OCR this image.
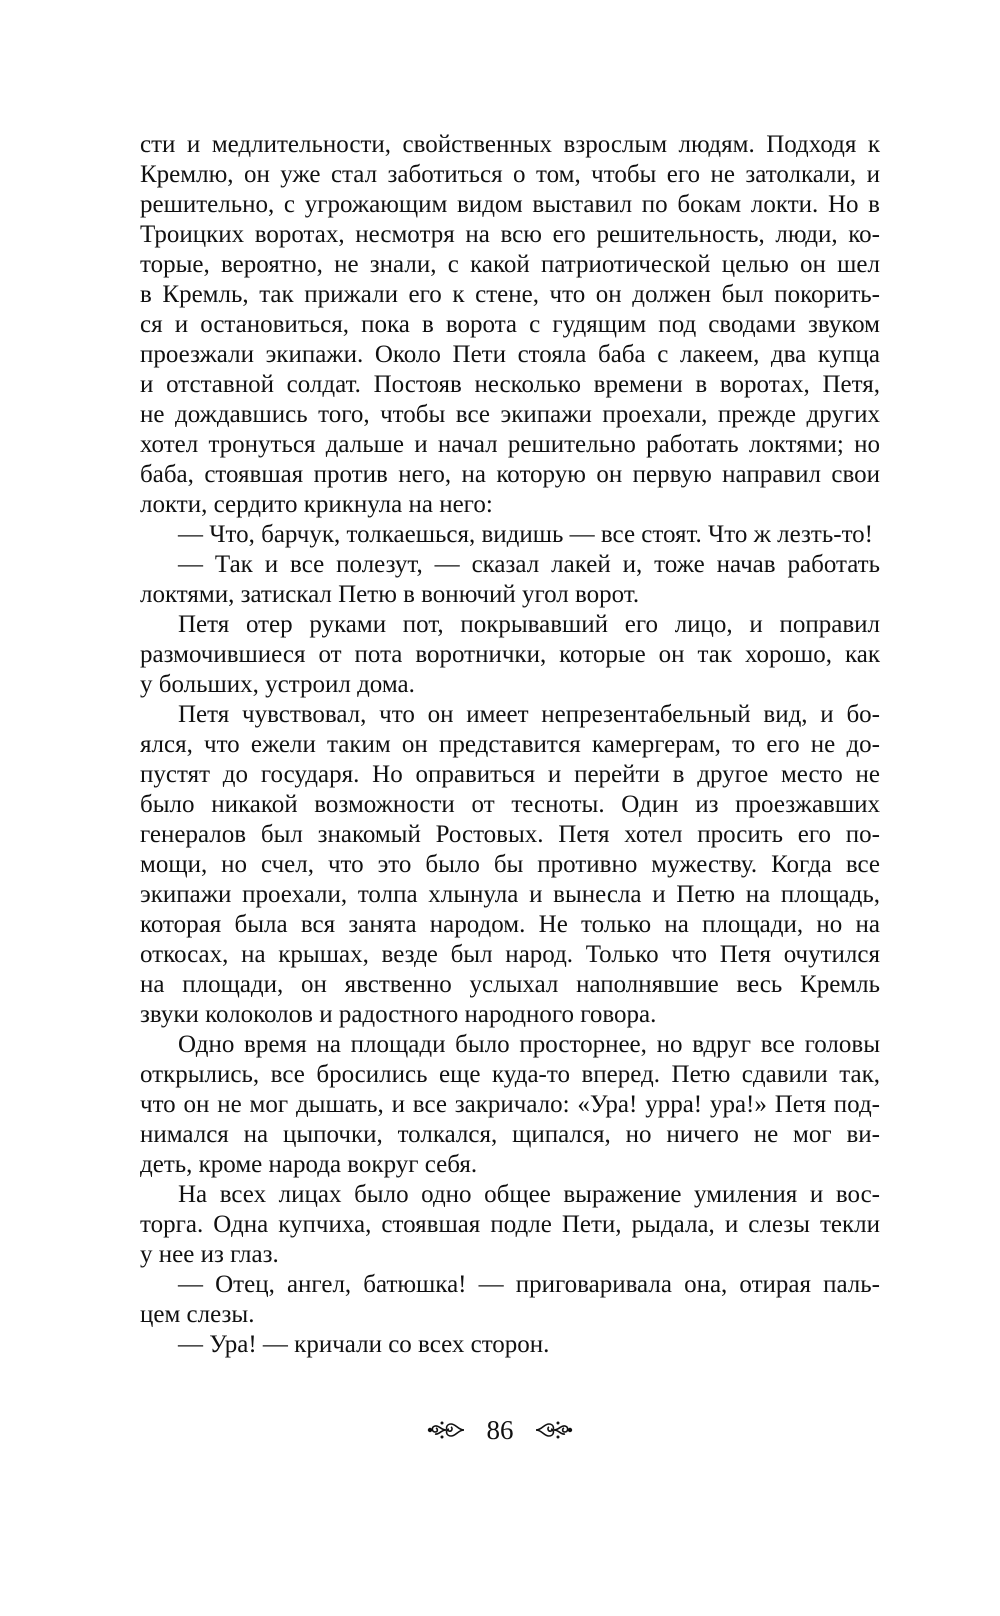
сти и медлительности, свойственных взрослым людям. Подходя к
Кремлю, он уже стал заботиться о том, чтобы его не затолкали, и
решительно, с угрожающим видом выставил по бокам локти. Но в
Троицких воротах, несмотря на всю его решительность, люди, ко-
торые, вероятно, не знали, с какой патриотической целью он шел
в Кремль, так прижали его к стене, что он должен был покорить-
ся и остановиться, пока в ворота с гудящим под сводами звуком
проезжали экипажи. Около Пети стояла баба с лакеем, два купца
и отставной солдат. Постояв несколько времени в воротах, Петя,
не дождавшись того, чтобы все экипажи проехали, прежде других
хотел тронуться дальше и начал решительно работать локтями; но
баба, стоявшая против него, на которую он первую направил свои
локти, сердито крикнула на него:
— Что, барчук, толкаешься, видишь — все стоят. Что ж лезть-то!
— Так и все полезут, — сказал лакей и, тоже начав работать
локтями, затискал Петю в вонючий угол ворот.
Петя отер руками пот, покрывавший его лицо, и поправил
размочившиеся от пота воротнички, которые он так хорошо, как
у больших, устроил дома.
Петя чувствовал, что он имеет непрезентабельный вид, и бо-
ялся, что ежели таким он представится камергерам, то его не до-
пустят до государя. Но оправиться и перейти в другое место не
было никакой возможности от тесноты. Один из проезжавших
генералов был знакомый Ростовых. Петя хотел просить его по-
мощи, но счел, что это было бы противно мужеству. Когда все
экипажи проехали, толпа хлынула и вынесла и Петю на площадь,
которая была вся занята народом. Не только на площади, но на
откосах, на крышах, везде был народ. Только что Петя очутился
на площади, он явственно услыхал наполнявшие весь Кремль
звуки колоколов и радостного народного говора.
Одно время на площади было просторнее, но вдруг все головы
открылись, все бросились еще куда-то вперед. Петю сдавили так,
что он не мог дышать, и все закричало: «Ура! урра! ура!» Петя под-
нимался на цыпочки, толкался, щипался, но ничего не мог ви-
деть, кроме народа вокруг себя.
На всех лицах было одно общее выражение умиления и вос-
торга. Одна купчиха, стоявшая подле Пети, рыдала, и слезы текли
у нее из глаз.
— Отец, ангел, батюшка! — приговаривала она, отирая паль-
цем слезы.
— Ура! — кричали со всех сторон.
86
